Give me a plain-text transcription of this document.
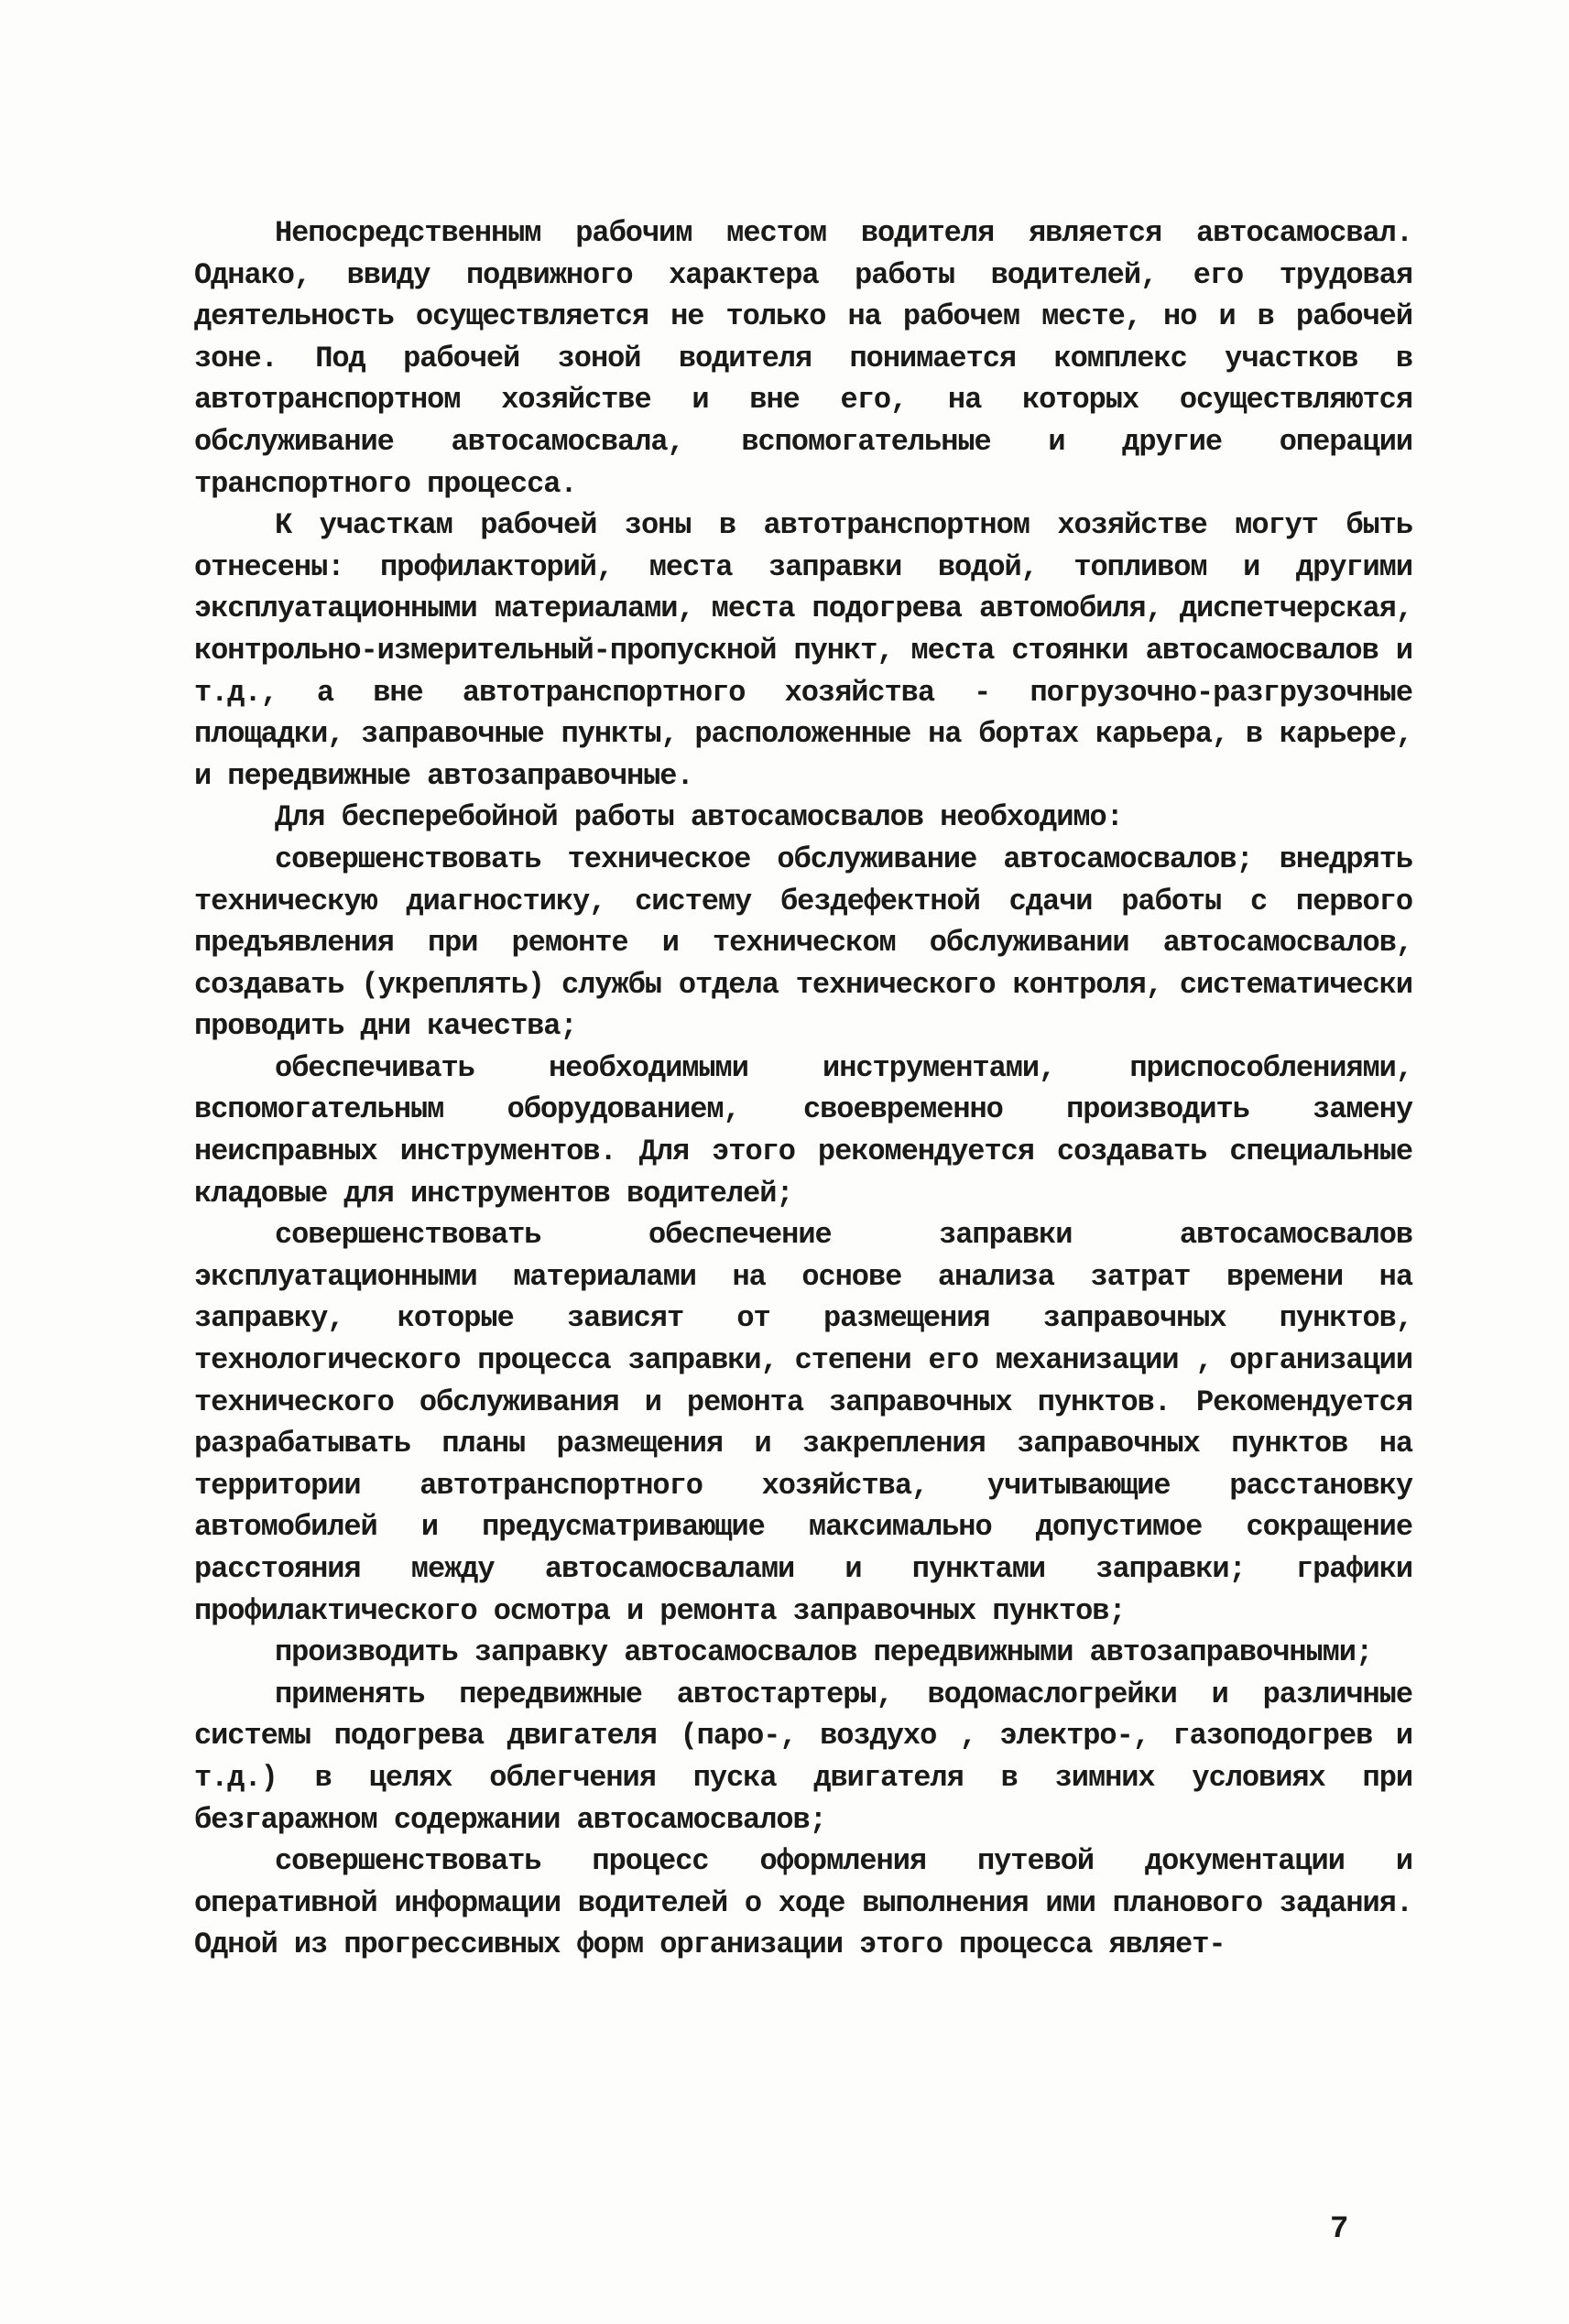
Непосредственным рабочим местом водителя является автосамосвал. Однако, ввиду подвижного характера работы водителей, его трудовая деятельность осуществляется не только на рабочем месте, но и в рабочей зоне. Под рабочей зоной водителя понимается комплекс участков в автотранспортном хозяйстве и вне его, на которых осуществляются обслуживание автосамосвала, вспомогательные и другие операции транспортного процесса.

К участкам рабочей зоны в автотранспортном хозяйстве могут быть отнесены: профилакторий, места заправки водой, топливом и другими эксплуатационными материалами, места подогрева автомобиля, диспетчерская, контрольно-измерительный-пропускной пункт, места стоянки автосамосвалов и т.д., а вне автотранспортного хозяйства - погрузочно-разгрузочные площадки, заправочные пункты, расположенные на бортах карьера, в карьере, и передвижные автозаправочные.

Для бесперебойной работы автосамосвалов необходимо:

совершенствовать техническое обслуживание автосамосвалов; внедрять техническую диагностику, систему бездефектной сдачи работы с первого предъявления при ремонте и техническом обслуживании автосамосвалов, создавать (укреплять) службы отдела технического контроля, систематически проводить дни качества;

обеспечивать необходимыми инструментами, приспособлениями, вспомогательным оборудованием, своевременно производить замену неисправных инструментов. Для этого рекомендуется создавать специальные кладовые для инструментов водителей;

совершенствовать обеспечение заправки автосамосвалов эксплуатационными материалами на основе анализа затрат времени на заправку, которые зависят от размещения заправочных пунктов, технологического процесса заправки, степени его механизации , организации технического обслуживания и ремонта заправочных пунктов. Рекомендуется разрабатывать планы размещения и закрепления заправочных пунктов на территории автотранспортного хозяйства, учитывающие расстановку автомобилей и предусматривающие максимально допустимое сокращение расстояния между автосамосвалами и пунктами заправки; графики профилактического осмотра и ремонта заправочных пунктов;

производить заправку автосамосвалов передвижными автозаправочными;

применять передвижные автостартеры, водомаслогрейки и различные системы подогрева двигателя (паро-, воздухо , электро-, газоподогрев и т.д.) в целях облегчения пуска двигателя в зимних условиях при безгаражном содержании автосамосвалов;

совершенствовать процесс оформления путевой документации и оперативной информации водителей о ходе выполнения ими планового задания. Одной из прогрессивных форм организации этого процесса являет-

7
